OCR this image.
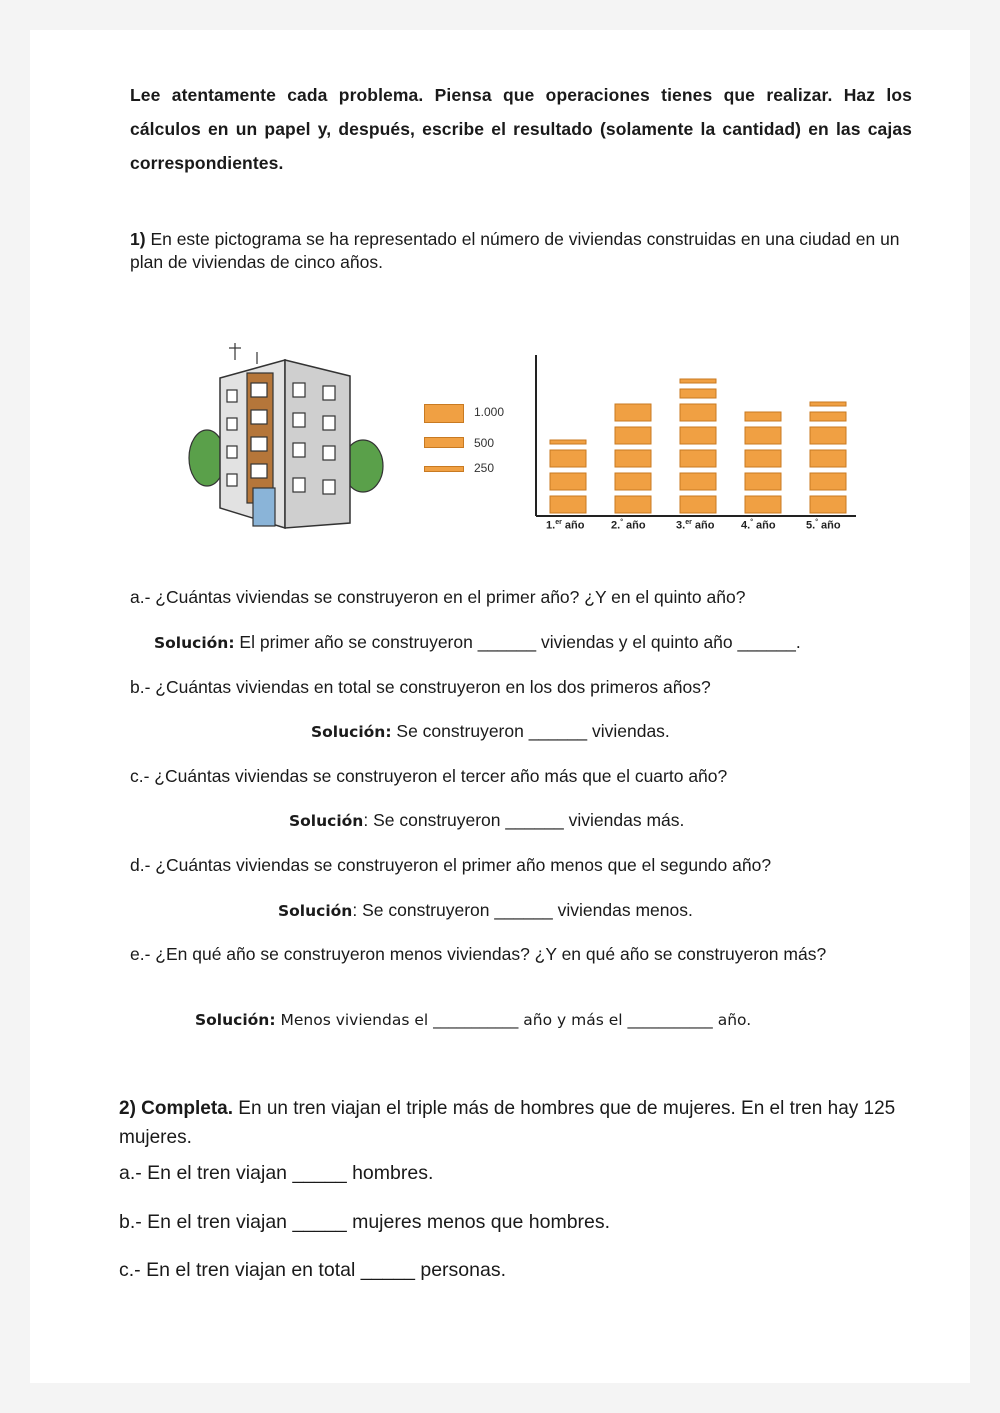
Lee atentamente cada problema. Piensa que operaciones tienes que realizar. Haz los cálculos en un papel y, después, escribe el resultado (solamente la cantidad) en las cajas correspondientes.
1) En este pictograma se ha representado el número de viviendas construidas en una ciudad en un plan de viviendas de cinco años.
1.000
500
250
1.$^{er}$ año 2.° año	3.$^{er}$ año 4.° año	5.° año
a.- ¿Cuántas viviendas se construyeron en el primer año? ¿Y en el quinto año?
Solución: El primer año se construyeron ______ viviendas y el quinto año ______.
b.- ¿Cuántas viviendas en total se construyeron en los dos primeros años?
Solución: Se construyeron ______ viviendas.
c.- ¿Cuántas viviendas se construyeron el tercer año más que el cuarto año?
Solución: Se construyeron ______ viviendas más.
d.- ¿Cuántas viviendas se construyeron el primer año menos que el segundo año?
Solución: Se construyeron ______ viviendas menos.
e.- ¿En qué año se construyeron menos viviendas? ¿Y en qué año se construyeron más?
Solución: Menos viviendas el ___________ año y más el ___________ año.
2) Completa. En un tren viajan el triple más de hombres que de mujeres. En el tren hay 125 mujeres.
a.- En el tren viajan _____ hombres.
b.- En el tren viajan _____ mujeres menos que hombres.
c.- En el tren viajan en total _____ personas.
